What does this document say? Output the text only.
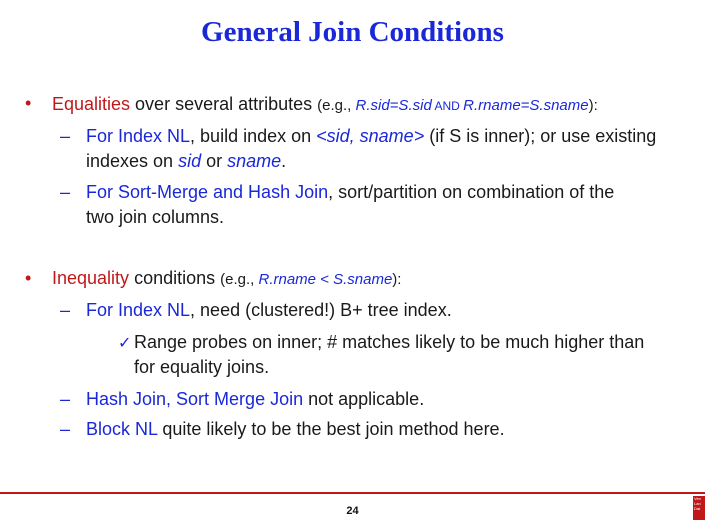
General Join Conditions
• Equalities over several attributes (e.g., R.sid=S.sid AND R.rname=S.sname):
– For Index NL, build index on <sid, sname> (if S is inner); or use existing
indexes on sid or sname.
– For Sort-Merge and Hash Join, sort/partition on combination of the
two join columns.
• Inequality conditions (e.g., R.rname < S.sname):
– For Index NL, need (clustered!) B+ tree index.
✓ Range probes on inner; # matches likely to be much higher than
for equality joins.
– Hash Join, Sort Merge Join not applicable.
– Block NL quite likely to be the best join method here.
24
Ven Lan Dat
